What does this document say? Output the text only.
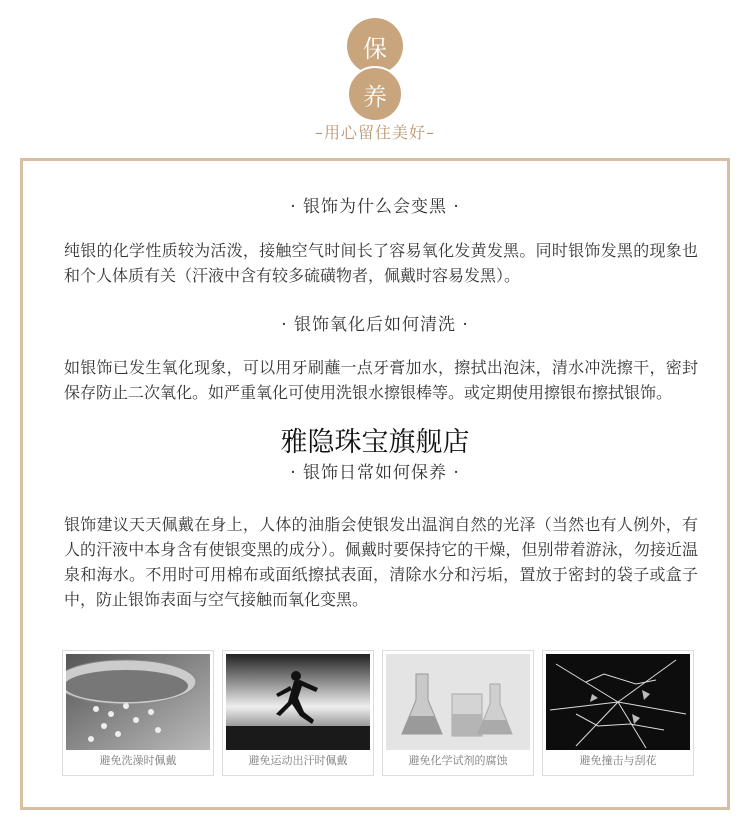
保
养
–用心留住美好–
· 银饰为什么会变黑 ·
纯银的化学性质较为活泼，接触空气时间长了容易氧化发黄发黑。同时银饰发黑的现象也和个人体质有关（汗液中含有较多硫磺物者，佩戴时容易发黑）。
· 银饰氧化后如何清洗 ·
如银饰已发生氧化现象，可以用牙刷蘸一点牙膏加水，擦拭出泡沫，清水冲洗擦干，密封保存防止二次氧化。如严重氧化可使用洗银水擦银棒等。或定期使用擦银布擦拭银饰。
雅隐珠宝旗舰店
· 银饰日常如何保养 ·
银饰建议天天佩戴在身上，人体的油脂会使银发出温润自然的光泽（当然也有人例外，有人的汗液中本身含有使银变黑的成分）。佩戴时要保持它的干燥，但别带着游泳，勿接近温泉和海水。不用时可用棉布或面纸擦拭表面，清除水分和污垢，置放于密封的袋子或盒子中，防止银饰表面与空气接触而氧化变黑。
避免洗澡时佩戴	避免运动出汗时佩戴	避免化学试剂的腐蚀	避免撞击与刮花
